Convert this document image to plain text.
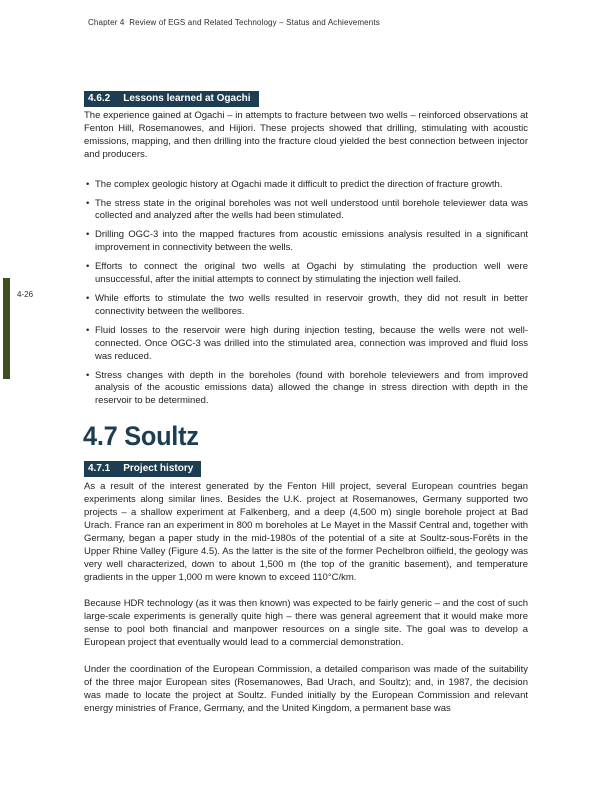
Chapter 4  Review of EGS and Related Technology – Status and Achievements
4-26
4.6.2 Lessons learned at Ogachi

The experience gained at Ogachi – in attempts to fracture between two wells – reinforced observations at Fenton Hill, Rosemanowes, and Hijiori. These projects showed that drilling, stimulating with acoustic emissions, mapping, and then drilling into the fracture cloud yielded the best connection between injector and producers.

• The complex geologic history at Ogachi made it difficult to predict the direction of fracture growth.
• The stress state in the original boreholes was not well understood until borehole televiewer data was collected and analyzed after the wells had been stimulated.
• Drilling OGC-3 into the mapped fractures from acoustic emissions analysis resulted in a significant improvement in connectivity between the wells.
• Efforts to connect the original two wells at Ogachi by stimulating the production well were unsuccessful, after the initial attempts to connect by stimulating the injection well failed.
• While efforts to stimulate the two wells resulted in reservoir growth, they did not result in better connectivity between the wellbores.
• Fluid losses to the reservoir were high during injection testing, because the wells were not well-connected. Once OGC-3 was drilled into the stimulated area, connection was improved and fluid loss was reduced.
• Stress changes with depth in the boreholes (found with borehole televiewers and from improved analysis of the acoustic emissions data) allowed the change in stress direction with depth in the reservoir to be determined.
4.7 Soultz
4.7.1 Project history

As a result of the interest generated by the Fenton Hill project, several European countries began experiments along similar lines. Besides the U.K. project at Rosemanowes, Germany supported two projects – a shallow experiment at Falkenberg, and a deep (4,500 m) single borehole project at Bad Urach. France ran an experiment in 800 m boreholes at Le Mayet in the Massif Central and, together with Germany, began a paper study in the mid-1980s of the potential of a site at Soultz-sous-Forêts in the Upper Rhine Valley (Figure 4.5). As the latter is the site of the former Pechelbron oilfield, the geology was very well characterized, down to about 1,500 m (the top of the granitic basement), and temperature gradients in the upper 1,000 m were known to exceed 110°C/km.

Because HDR technology (as it was then known) was expected to be fairly generic – and the cost of such large-scale experiments is generally quite high – there was general agreement that it would make more sense to pool both financial and manpower resources on a single site. The goal was to develop a European project that eventually would lead to a commercial demonstration.

Under the coordination of the European Commission, a detailed comparison was made of the suitability of the three major European sites (Rosemanowes, Bad Urach, and Soultz); and, in 1987, the decision was made to locate the project at Soultz. Funded initially by the European Commission and relevant energy ministries of France, Germany, and the United Kingdom, a permanent base was
